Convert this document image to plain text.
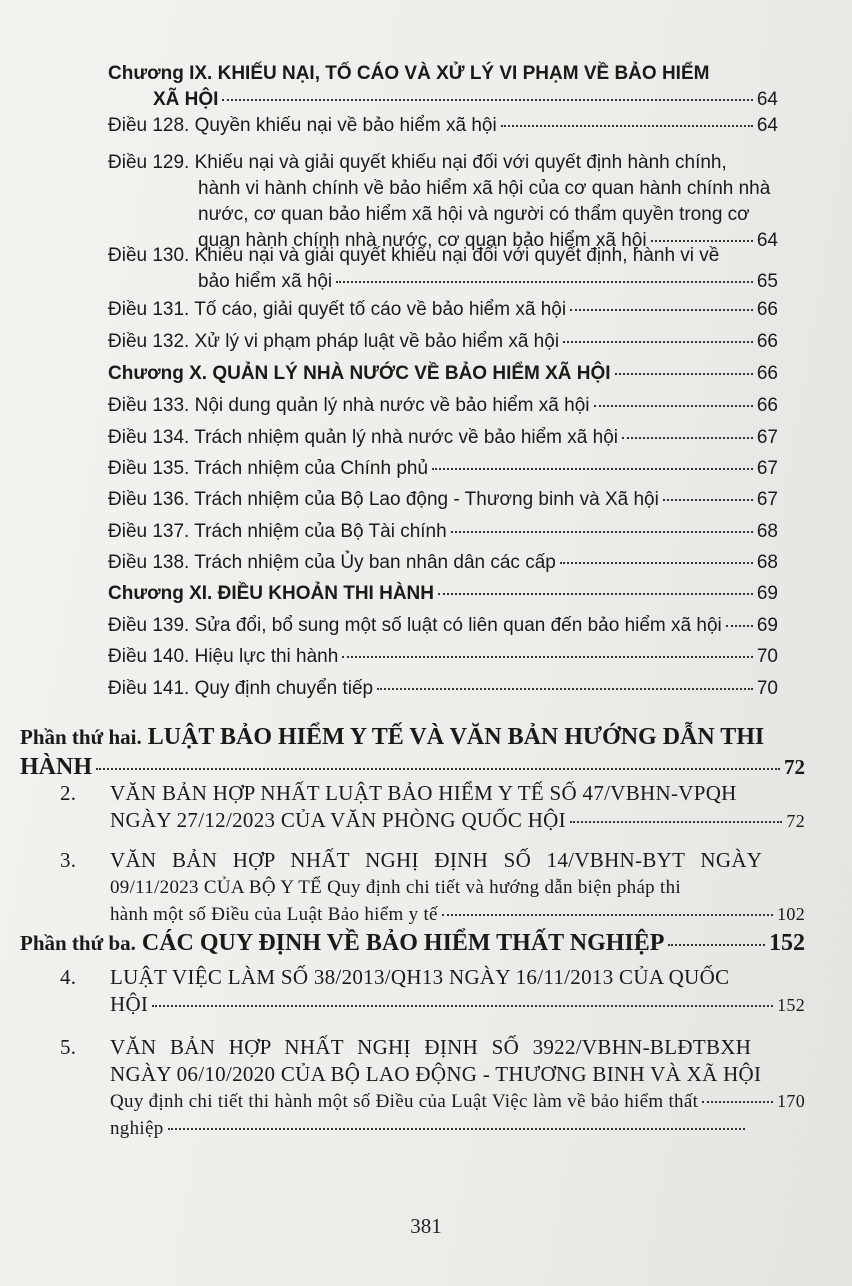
Chương IX. KHIẾU NẠI, TỐ CÁO VÀ XỬ LÝ VI PHẠM VỀ BẢO HIỂM
XÃ HỘI	64
Điều 128. Quyền khiếu nại về bảo hiểm xã hội	64
Điều 129. Khiếu nại và giải quyết khiếu nại đối với quyết định hành chính,
hành vi hành chính về bảo hiểm xã hội của cơ quan hành chính nhà
nước, cơ quan bảo hiểm xã hội và người có thẩm quyền trong cơ
quan hành chính nhà nước, cơ quan bảo hiểm xã hội	64
Điều 130. Khiếu nại và giải quyết khiếu nại đối với quyết định, hành vi về
bảo hiểm xã hội	65
Điều 131. Tố cáo, giải quyết tố cáo về bảo hiểm xã hội	66
Điều 132. Xử lý vi phạm pháp luật về bảo hiểm xã hội	66
Chương X. QUẢN LÝ NHÀ NƯỚC VỀ BẢO HIỂM XÃ HỘI	66
Điều 133. Nội dung quản lý nhà nước về bảo hiểm xã hội	66
Điều 134. Trách nhiệm quản lý nhà nước về bảo hiểm xã hội	67
Điều 135. Trách nhiệm của Chính phủ	67
Điều 136. Trách nhiệm của Bộ Lao động - Thương binh và Xã hội	67
Điều 137. Trách nhiệm của Bộ Tài chính	68
Điều 138. Trách nhiệm của Ủy ban nhân dân các cấp	68
Chương XI. ĐIỀU KHOẢN THI HÀNH	69
Điều 139. Sửa đổi, bổ sung một số luật có liên quan đến bảo hiểm xã hội 69
Điều 140. Hiệu lực thi hành	70
Điều 141. Quy định chuyển tiếp	70
Phần thứ hai. LUẬT BẢO HIỂM Y TẾ VÀ VĂN BẢN HƯỚNG DẪN THI
HÀNH	72
2. VĂN BẢN HỢP NHẤT LUẬT BẢO HIỂM Y TẾ SỐ 47/VBHN-VPQH
NGÀY 27/12/2023 CỦA VĂN PHÒNG QUỐC HỘI	72
3. VĂN BẢN HỢP NHẤT NGHỊ ĐỊNH SỐ 14/VBHN-BYT NGÀY
09/11/2023 CỦA BỘ Y TẾ Quy định chi tiết và hướng dẫn biện pháp thi
hành một số Điều của Luật Bảo hiểm y tế	102
Phần thứ ba. CÁC QUY ĐỊNH VỀ BẢO HIỂM THẤT NGHIỆP	152
4. LUẬT VIỆC LÀM SỐ 38/2013/QH13 NGÀY 16/11/2013 CỦA QUỐC
HỘI	152
5. VĂN BẢN HỢP NHẤT NGHỊ ĐỊNH SỐ 3922/VBHN-BLĐTBXH
NGÀY 06/10/2020 CỦA BỘ LAO ĐỘNG - THƯƠNG BINH VÀ XÃ HỘI
Quy định chi tiết thi hành một số Điều của Luật Việc làm về bảo hiểm thất	170
nghiệp
381
